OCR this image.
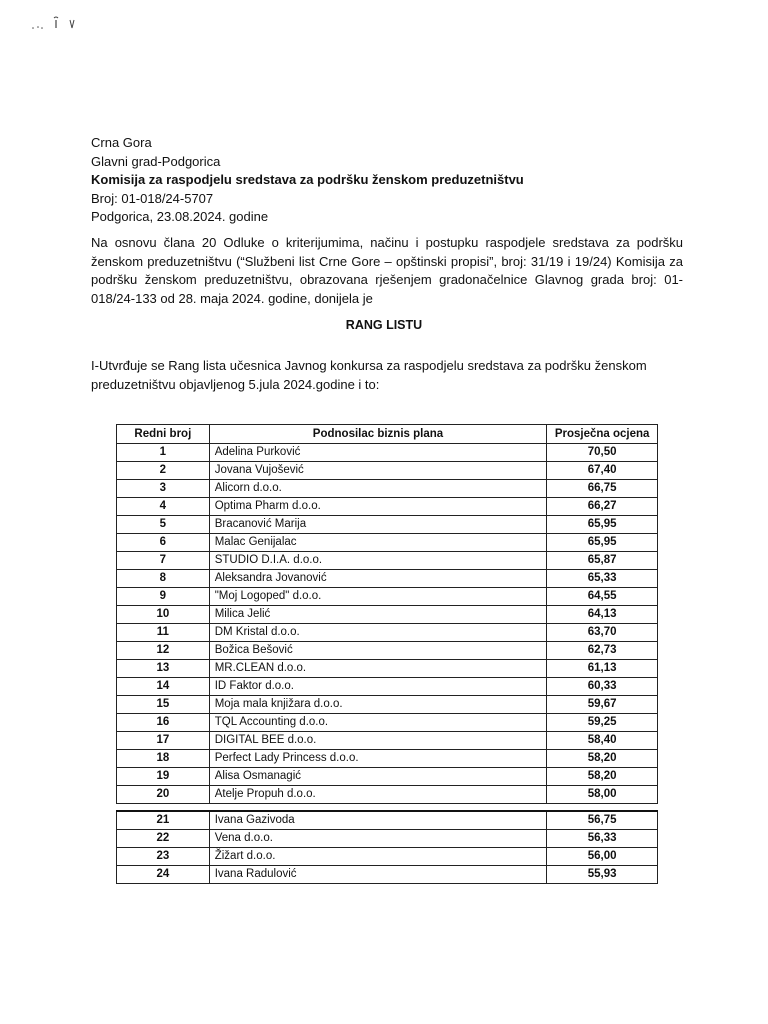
Crna Gora
Glavni grad-Podgorica
Komisija za raspodjelu sredstava za podršku ženskom preduzetništvu
Broj: 01-018/24-5707
Podgorica, 23.08.2024. godine
Na osnovu člana 20 Odluke o kriterijumima, načinu i postupku raspodjele sredstava za podršku ženskom preduzetništvu (“Službeni list Crne Gore – opštinski propisi”, broj: 31/19 i 19/24) Komisija za podršku ženskom preduzetništvu, obrazovana rješenjem gradonačelnice Glavnog grada broj: 01-018/24-133 od 28. maja 2024. godine, donijela je
RANG LISTU
I-Utvrđuje se Rang lista učesnica Javnog konkursa za raspodjelu sredstava za podršku ženskom preduzetništvu objavljenog 5.jula 2024.godine i to:
Redni broj	Podnosilac biznis plana	Prosječna ocjena
1	Adelina Purković	70,50
2	Jovana Vujošević	67,40
3	Alicorn d.o.o.	66,75
4	Optima Pharm d.o.o.	66,27
5	Bracanović Marija	65,95
6	Malac Genijalac	65,95
7	STUDIO D.I.A. d.o.o.	65,87
8	Aleksandra Jovanović	65,33
9	"Moj Logoped" d.o.o.	64,55
10	Milica Jelić	64,13
11	DM Kristal d.o.o.	63,70
12	Božica Bešović	62,73
13	MR.CLEAN d.o.o.	61,13
14	ID Faktor d.o.o.	60,33
15	Moja mala knjižara d.o.o.	59,67
16	TQL Accounting d.o.o.	59,25
17	DIGITAL BEE d.o.o.	58,40
18	Perfect Lady Princess d.o.o.	58,20
19	Alisa Osmanagić	58,20
20	Atelje Propuh d.o.o.	58,00

21	Ivana Gazivoda	56,75
22	Vena d.o.o.	56,33
23	Žižart d.o.o.	56,00
24	Ivana Radulović	55,93
